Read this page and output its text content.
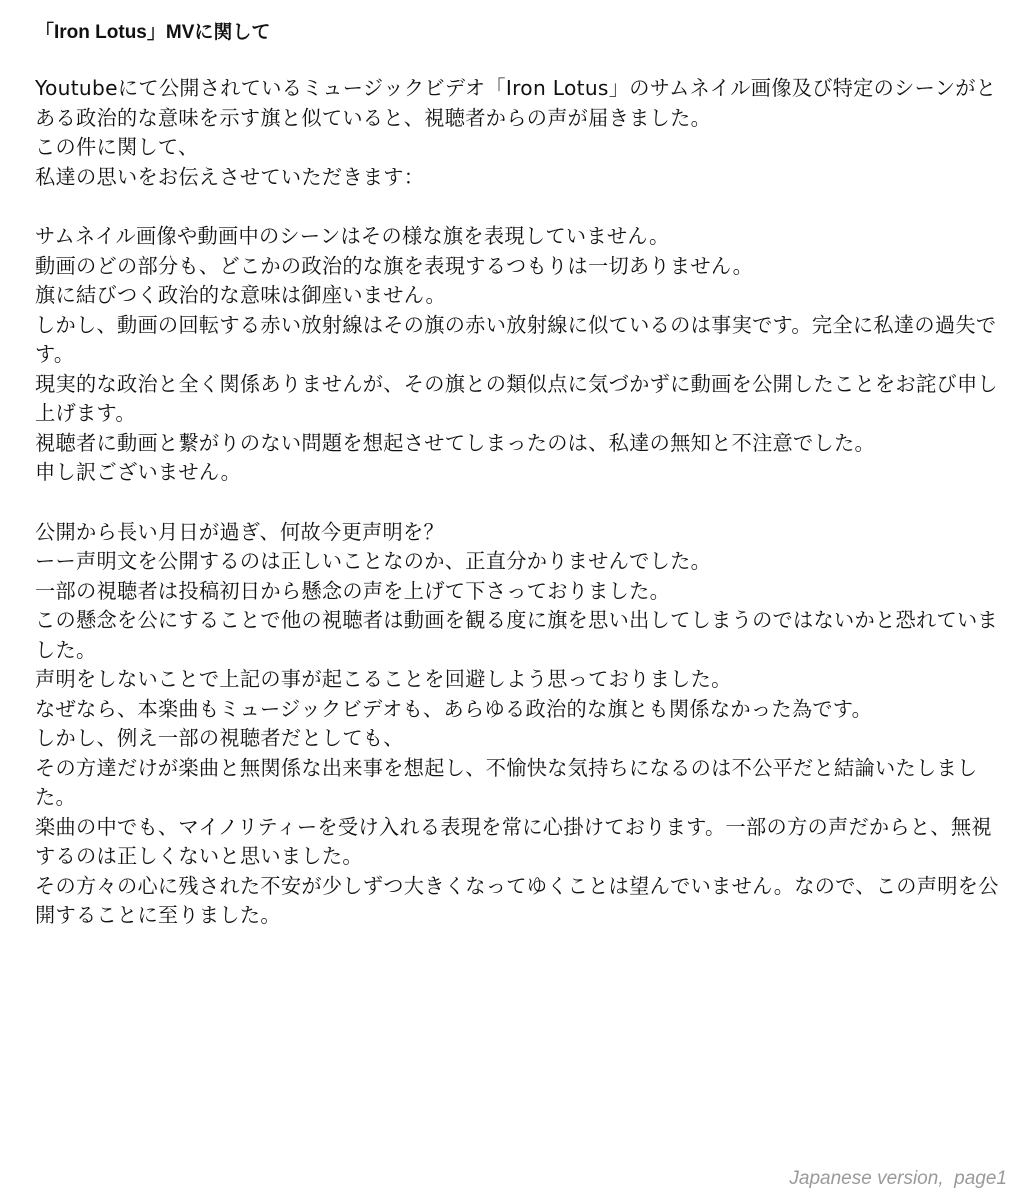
「Iron Lotus」MVに関して
Youtubeにて公開されているミュージックビデオ「Iron Lotus」のサムネイル画像及び特定のシーンがとある政治的な意味を示す旗と似ていると、視聴者からの声が届きました。
この件に関して、
私達の思いをお伝えさせていただきます：
サムネイル画像や動画中のシーンはその様な旗を表現していません。
動画のどの部分も、どこかの政治的な旗を表現するつもりは一切ありません。
旗に結びつく政治的な意味は御座いません。
しかし、動画の回転する赤い放射線はその旗の赤い放射線に似ているのは事実です。完全に私達の過失です。
現実的な政治と全く関係ありませんが、その旗との類似点に気づかずに動画を公開したことをお詫び申し上げます。
視聴者に動画と繋がりのない問題を想起させてしまったのは、私達の無知と不注意でした。
申し訳ございません。
公開から長い月日が過ぎ、何故今更声明を？
ーー声明文を公開するのは正しいことなのか、正直分かりませんでした。
一部の視聴者は投稿初日から懸念の声を上げて下さっておりました。
この懸念を公にすることで他の視聴者は動画を観る度に旗を思い出してしまうのではないかと恐れていました。
声明をしないことで上記の事が起こることを回避しよう思っておりました。
なぜなら、本楽曲もミュージックビデオも、あらゆる政治的な旗とも関係なかった為です。
しかし、例え一部の視聴者だとしても、
その方達だけが楽曲と無関係な出来事を想起し、不愉快な気持ちになるのは不公平だと結論いたしました。
楽曲の中でも、マイノリティーを受け入れる表現を常に心掛けております。一部の方の声だからと、無視するのは正しくないと思いました。
その方々の心に残された不安が少しずつ大きくなってゆくことは望んでいません。なので、この声明を公開することに至りました。
Japanese version,  page1
